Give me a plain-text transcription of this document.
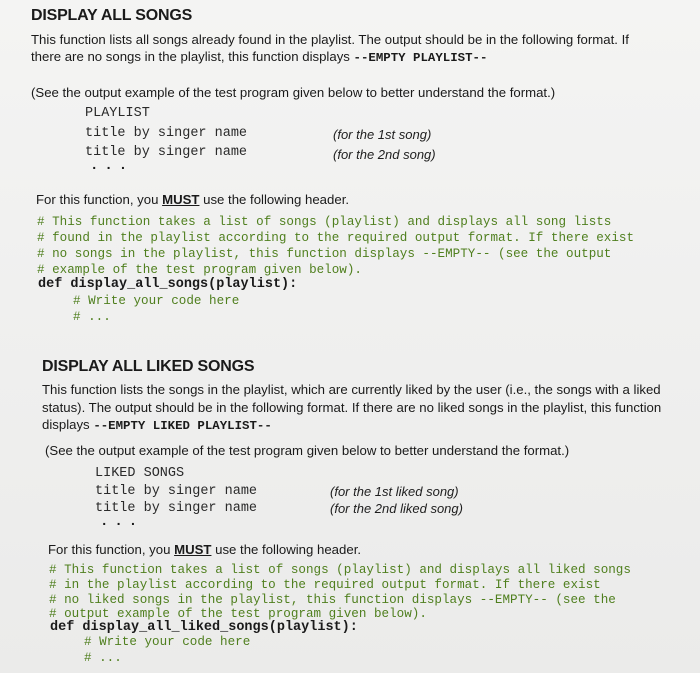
DISPLAY ALL SONGS
This function lists all songs already found in the playlist. The output should be in the following format. If
there are no songs in the playlist, this function displays --EMPTY PLAYLIST--
(See the output example of the test program given below to better understand the format.)
PLAYLIST
title by singer name
title by singer name
...
(for the 1st song)
(for the 2nd song)
For this function, you MUST use the following header.
# This function takes a list of songs (playlist) and displays all song lists
# found in the playlist according to the required output format. If there exist
# no songs in the playlist, this function displays --EMPTY-- (see the output
# example of the test program given below).
def display_all_songs(playlist):
# Write your code here
# ...
DISPLAY ALL LIKED SONGS
This function lists the songs in the playlist, which are currently liked by the user (i.e., the songs with a liked
status). The output should be in the following format. If there are no liked songs in the playlist, this function
displays --EMPTY LIKED PLAYLIST--
(See the output example of the test program given below to better understand the format.)
LIKED SONGS
title by singer name
title by singer name
...
(for the 1st liked song)
(for the 2nd liked song)
For this function, you MUST use the following header.
# This function takes a list of songs (playlist) and displays all liked songs
# in the playlist according to the required output format. If there exist
# no liked songs in the playlist, this function displays --EMPTY-- (see the
# output example of the test program given below).
def display_all_liked_songs(playlist):
# Write your code here
# ...
